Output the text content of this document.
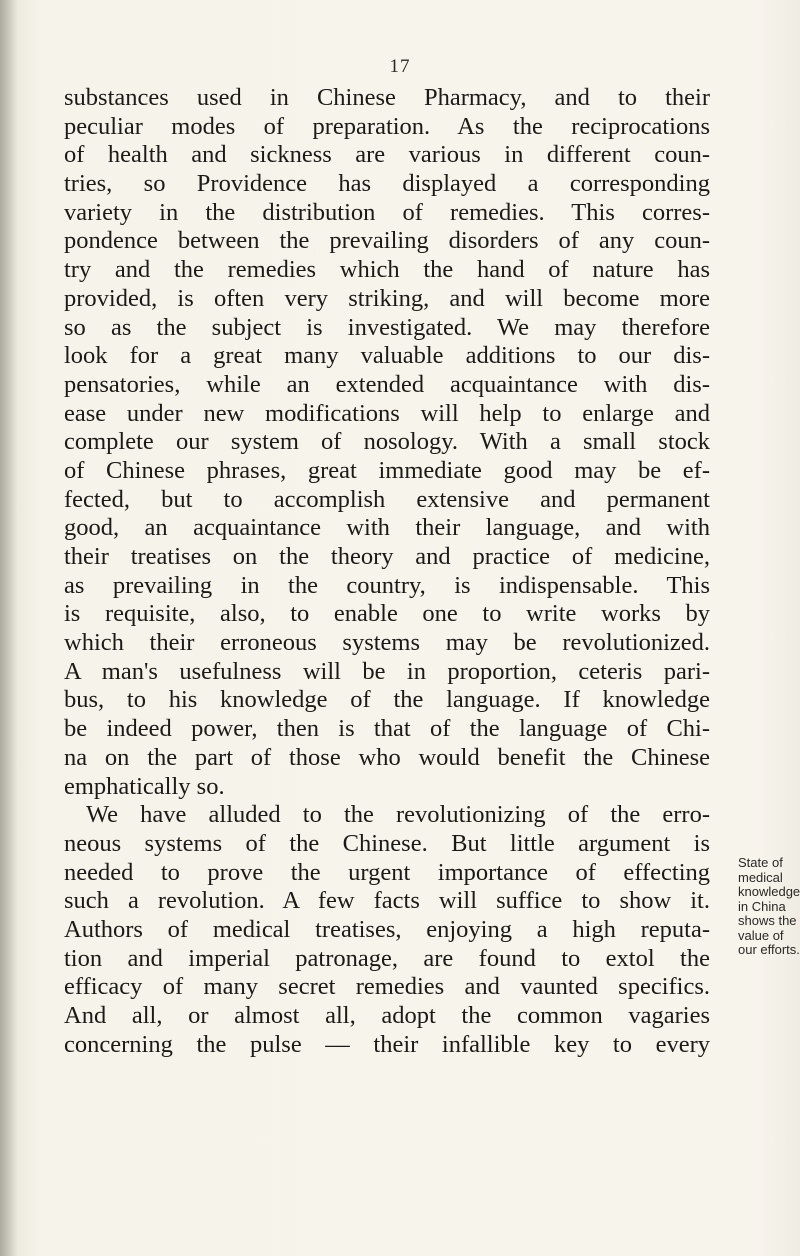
17
substances used in Chinese Pharmacy, and to their
peculiar modes of preparation. As the reciprocations
of health and sickness are various in different coun-
tries, so Providence has displayed a corresponding
variety in the distribution of remedies. This corres-
pondence between the prevailing disorders of any coun-
try and the remedies which the hand of nature has
provided, is often very striking, and will become more
so as the subject is investigated. We may therefore
look for a great many valuable additions to our dis-
pensatories, while an extended acquaintance with dis-
ease under new modifications will help to enlarge and
complete our system of nosology. With a small stock
of Chinese phrases, great immediate good may be ef-
fected, but to accomplish extensive and permanent
good, an acquaintance with their language, and with
their treatises on the theory and practice of medicine,
as prevailing in the country, is indispensable. This
is requisite, also, to enable one to write works by
which their erroneous systems may be revolutionized.
A man's usefulness will be in proportion, ceteris pari-
bus, to his knowledge of the language. If knowledge
be indeed power, then is that of the language of Chi-
na on the part of those who would benefit the Chinese
emphatically so.
We have alluded to the revolutionizing of the erro-
neous systems of the Chinese. But little argument is
needed to prove the urgent importance of effecting
such a revolution. A few facts will suffice to show it.
Authors of medical treatises, enjoying a high reputa-
tion and imperial patronage, are found to extol the
efficacy of many secret remedies and vaunted specifics.
And all, or almost all, adopt the common vagaries
concerning the pulse — their infallible key to every
State of
medical
knowledge
in China
shows the
value of
our efforts.
